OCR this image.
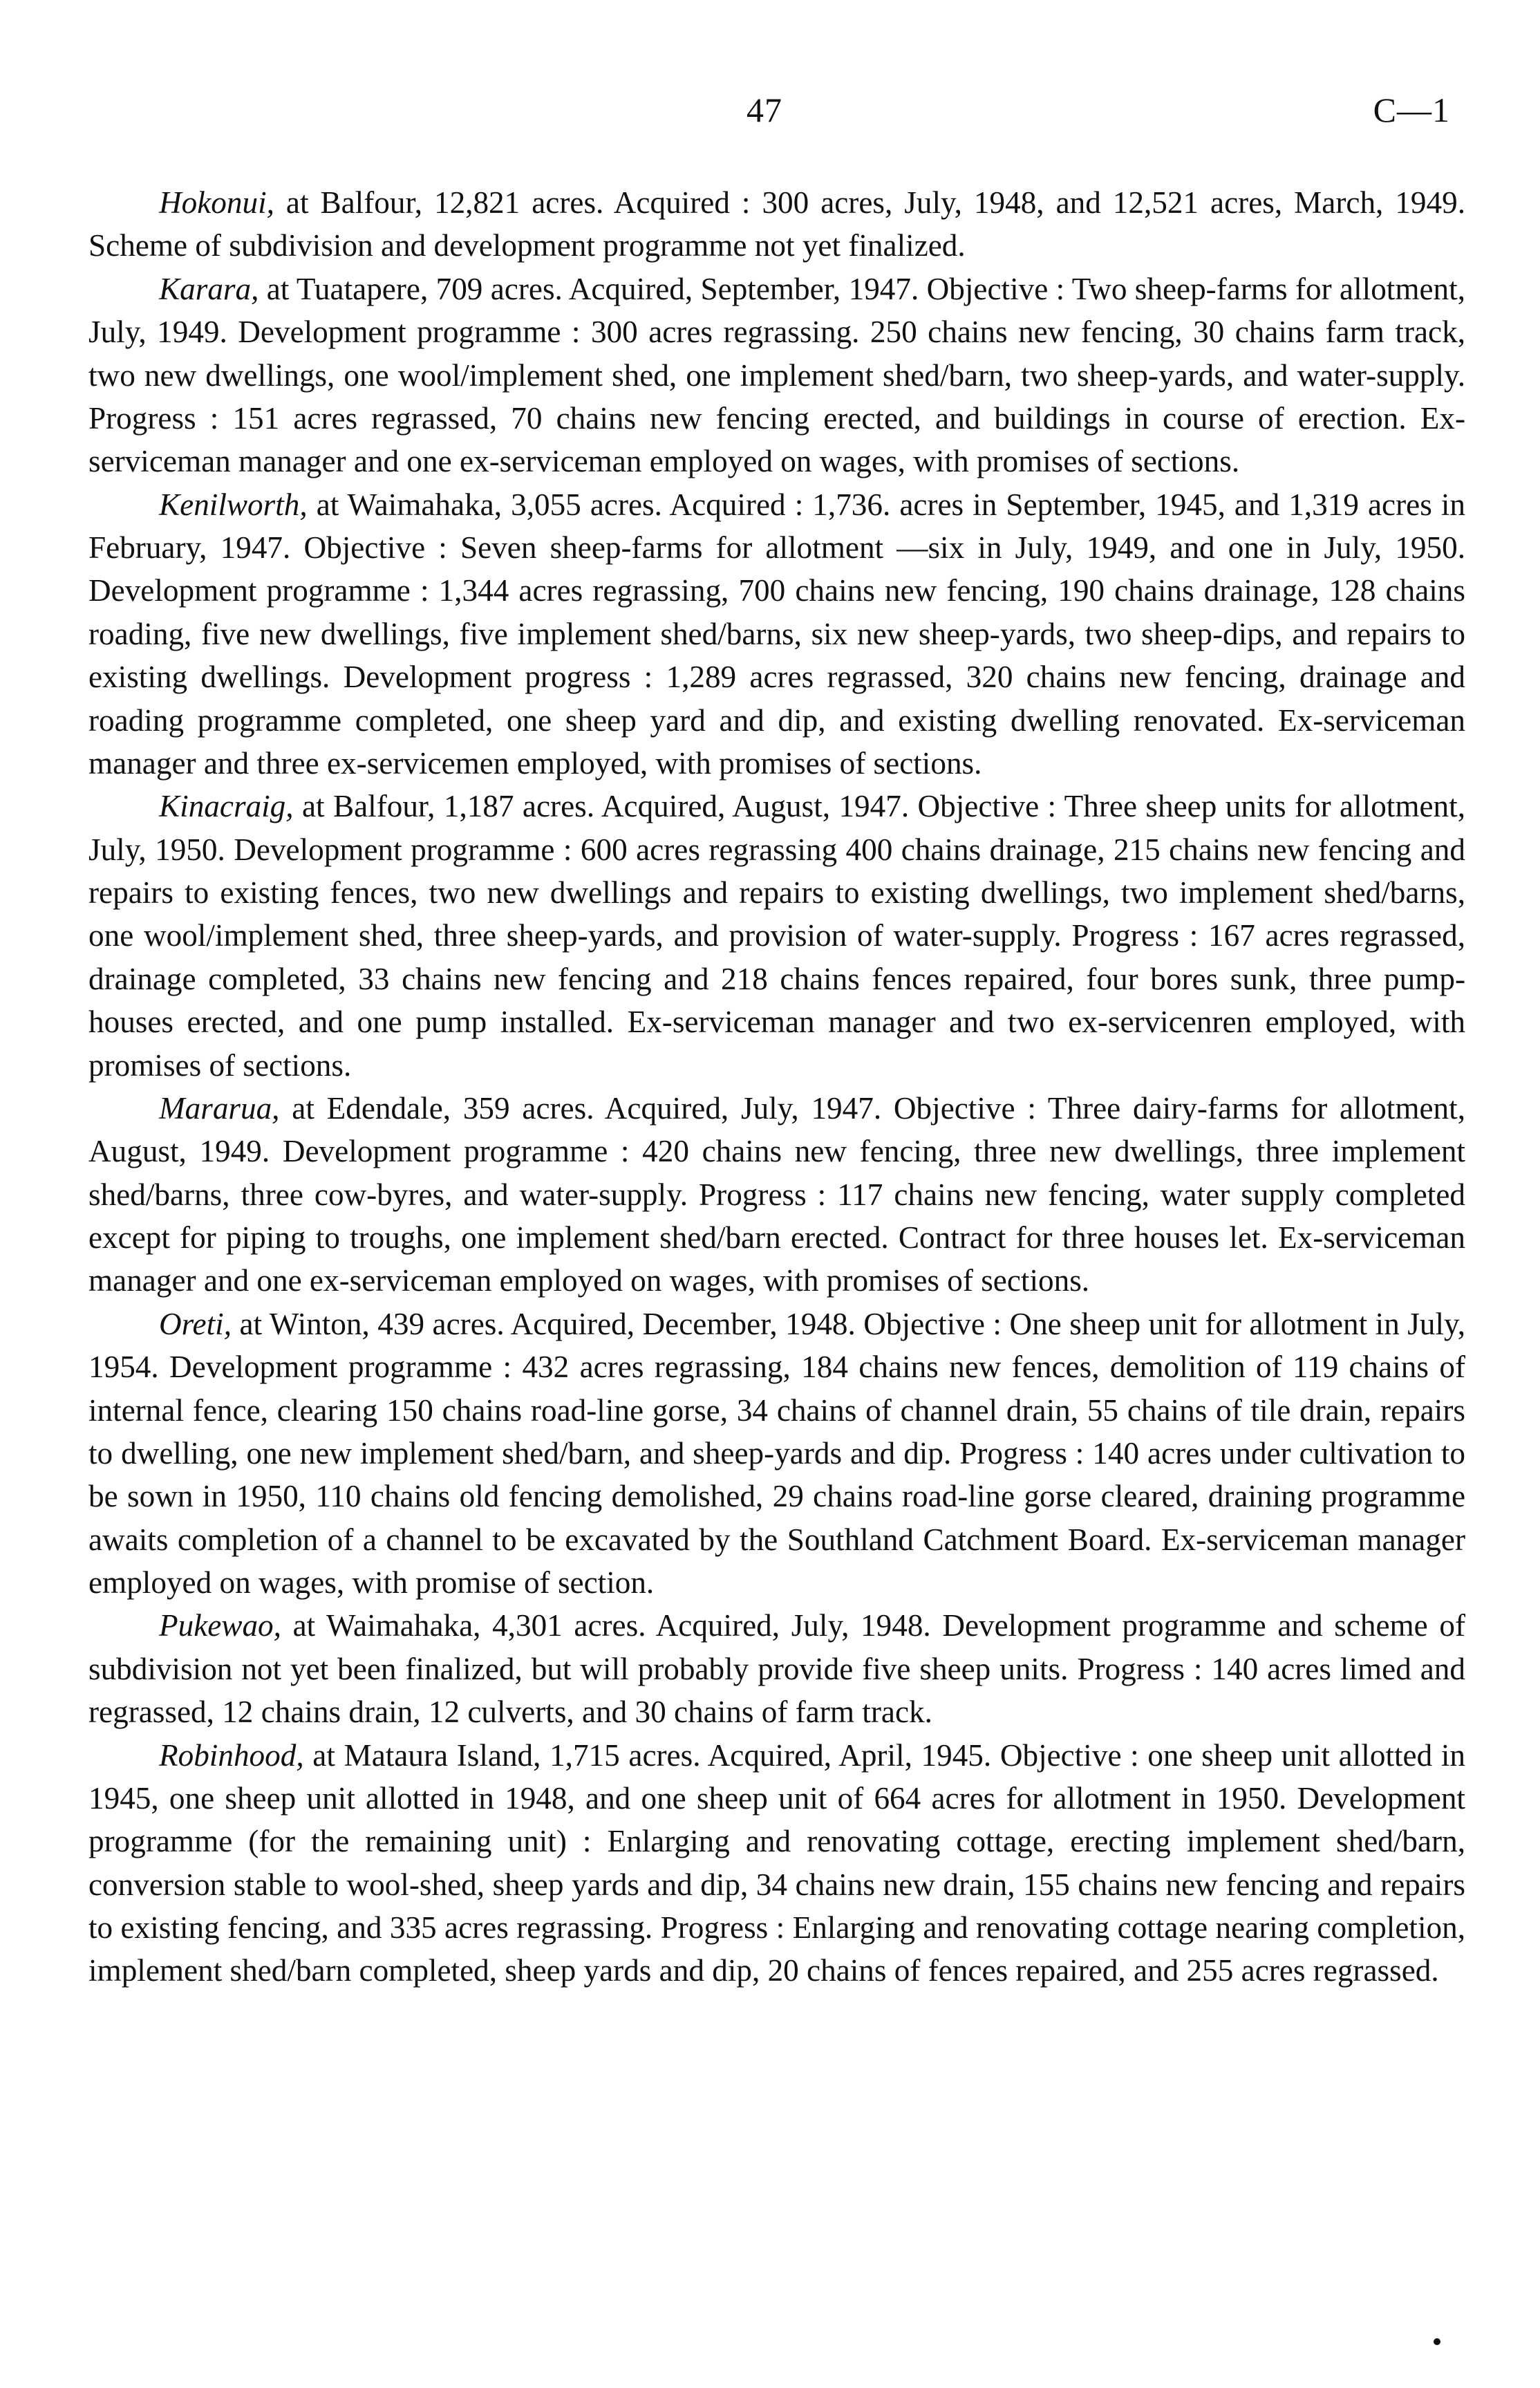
47	C—1

Hokonui, at Balfour, 12,821 acres. Acquired : 300 acres, July, 1948, and 12,521 acres, March, 1949. Scheme of subdivision and development programme not yet finalized.

Karara, at Tuatapere, 709 acres. Acquired, September, 1947. Objective : Two sheep-farms for allotment, July, 1949. Development programme : 300 acres regrassing. 250 chains new fencing, 30 chains farm track, two new dwellings, one wool/implement shed, one implement shed/barn, two sheep-yards, and water-supply. Progress : 151 acres regrassed, 70 chains new fencing erected, and buildings in course of erection. Ex-serviceman manager and one ex-serviceman employed on wages, with promises of sections.

Kenilworth, at Waimahaka, 3,055 acres. Acquired : 1,736. acres in September, 1945, and 1,319 acres in February, 1947. Objective : Seven sheep-farms for allotment —six in July, 1949, and one in July, 1950. Development programme : 1,344 acres regrassing, 700 chains new fencing, 190 chains drainage, 128 chains roading, five new dwellings, five implement shed/barns, six new sheep-yards, two sheep-dips, and repairs to existing dwellings. Development progress : 1,289 acres regrassed, 320 chains new fencing, drainage and roading programme completed, one sheep yard and dip, and existing dwelling renovated. Ex-serviceman manager and three ex-servicemen employed, with promises of sections.

Kinacraig, at Balfour, 1,187 acres. Acquired, August, 1947. Objective : Three sheep units for allotment, July, 1950. Development programme : 600 acres regrassing 400 chains drainage, 215 chains new fencing and repairs to existing fences, two new dwellings and repairs to existing dwellings, two implement shed/barns, one wool/implement shed, three sheep-yards, and provision of water-supply. Progress : 167 acres regrassed, drainage completed, 33 chains new fencing and 218 chains fences repaired, four bores sunk, three pump-houses erected, and one pump installed. Ex-serviceman manager and two ex-servicenren employed, with promises of sections.

Mararua, at Edendale, 359 acres. Acquired, July, 1947. Objective : Three dairy-farms for allotment, August, 1949. Development programme : 420 chains new fencing, three new dwellings, three implement shed/barns, three cow-byres, and water-supply. Progress : 117 chains new fencing, water supply completed except for piping to troughs, one implement shed/barn erected. Contract for three houses let. Ex-serviceman manager and one ex-serviceman employed on wages, with promises of sections.

Oreti, at Winton, 439 acres. Acquired, December, 1948. Objective : One sheep unit for allotment in July, 1954. Development programme : 432 acres regrassing, 184 chains new fences, demolition of 119 chains of internal fence, clearing 150 chains road-line gorse, 34 chains of channel drain, 55 chains of tile drain, repairs to dwelling, one new implement shed/barn, and sheep-yards and dip. Progress : 140 acres under cultivation to be sown in 1950, 110 chains old fencing demolished, 29 chains road-line gorse cleared, draining programme awaits completion of a channel to be excavated by the Southland Catchment Board. Ex-serviceman manager employed on wages, with promise of section.

Pukewao, at Waimahaka, 4,301 acres. Acquired, July, 1948. Development programme and scheme of subdivision not yet been finalized, but will probably provide five sheep units. Progress : 140 acres limed and regrassed, 12 chains drain, 12 culverts, and 30 chains of farm track.

Robinhood, at Mataura Island, 1,715 acres. Acquired, April, 1945. Objective : one sheep unit allotted in 1945, one sheep unit allotted in 1948, and one sheep unit of 664 acres for allotment in 1950. Development programme (for the remaining unit) : Enlarging and renovating cottage, erecting implement shed/barn, conversion stable to wool-shed, sheep yards and dip, 34 chains new drain, 155 chains new fencing and repairs to existing fencing, and 335 acres regrassing. Progress : Enlarging and renovating cottage nearing completion, implement shed/barn completed, sheep yards and dip, 20 chains of fences repaired, and 255 acres regrassed.
